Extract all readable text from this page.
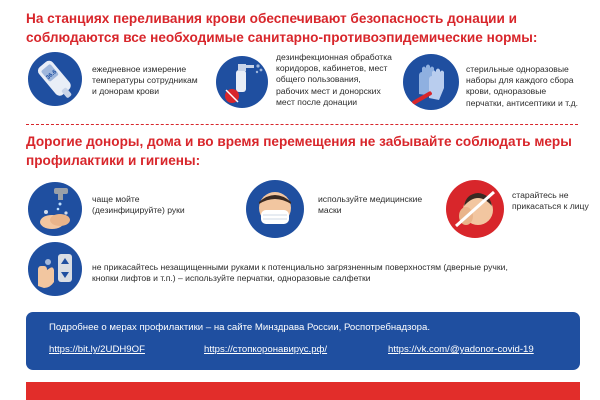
На станциях переливания крови обеспечивают безопасность донации и соблюдаются все необходимые санитарно-противоэпидемические нормы:
36.6
ежедневное измерение температуры сотрудникам и донорам крови
дезинфекционная обработка коридоров, кабинетов, мест общего пользования, рабочих мест и донорских мест после донации
стерильные одноразовые наборы для каждого сбора крови, одноразовые перчатки, антисептики и т.д.
Дорогие доноры, дома и во время перемещения не забывайте соблюдать меры профилактики и гигиены:
чаще мойте (дезинфицируйте) руки
используйте медицинские маски
старайтесь не прикасаться к лицу
не прикасайтесь незащищенными руками к потенциально загрязненным поверхностям (дверные ручки, кнопки лифтов и т.п.) – используйте перчатки, одноразовые салфетки
Подробнее о мерах профилактики – на сайте Минздрава России, Роспотребнадзора.
https://bit.ly/2UDH9OF	https://стопкоронавирус.рф/	https://vk.com/@yadonor-covid-19
